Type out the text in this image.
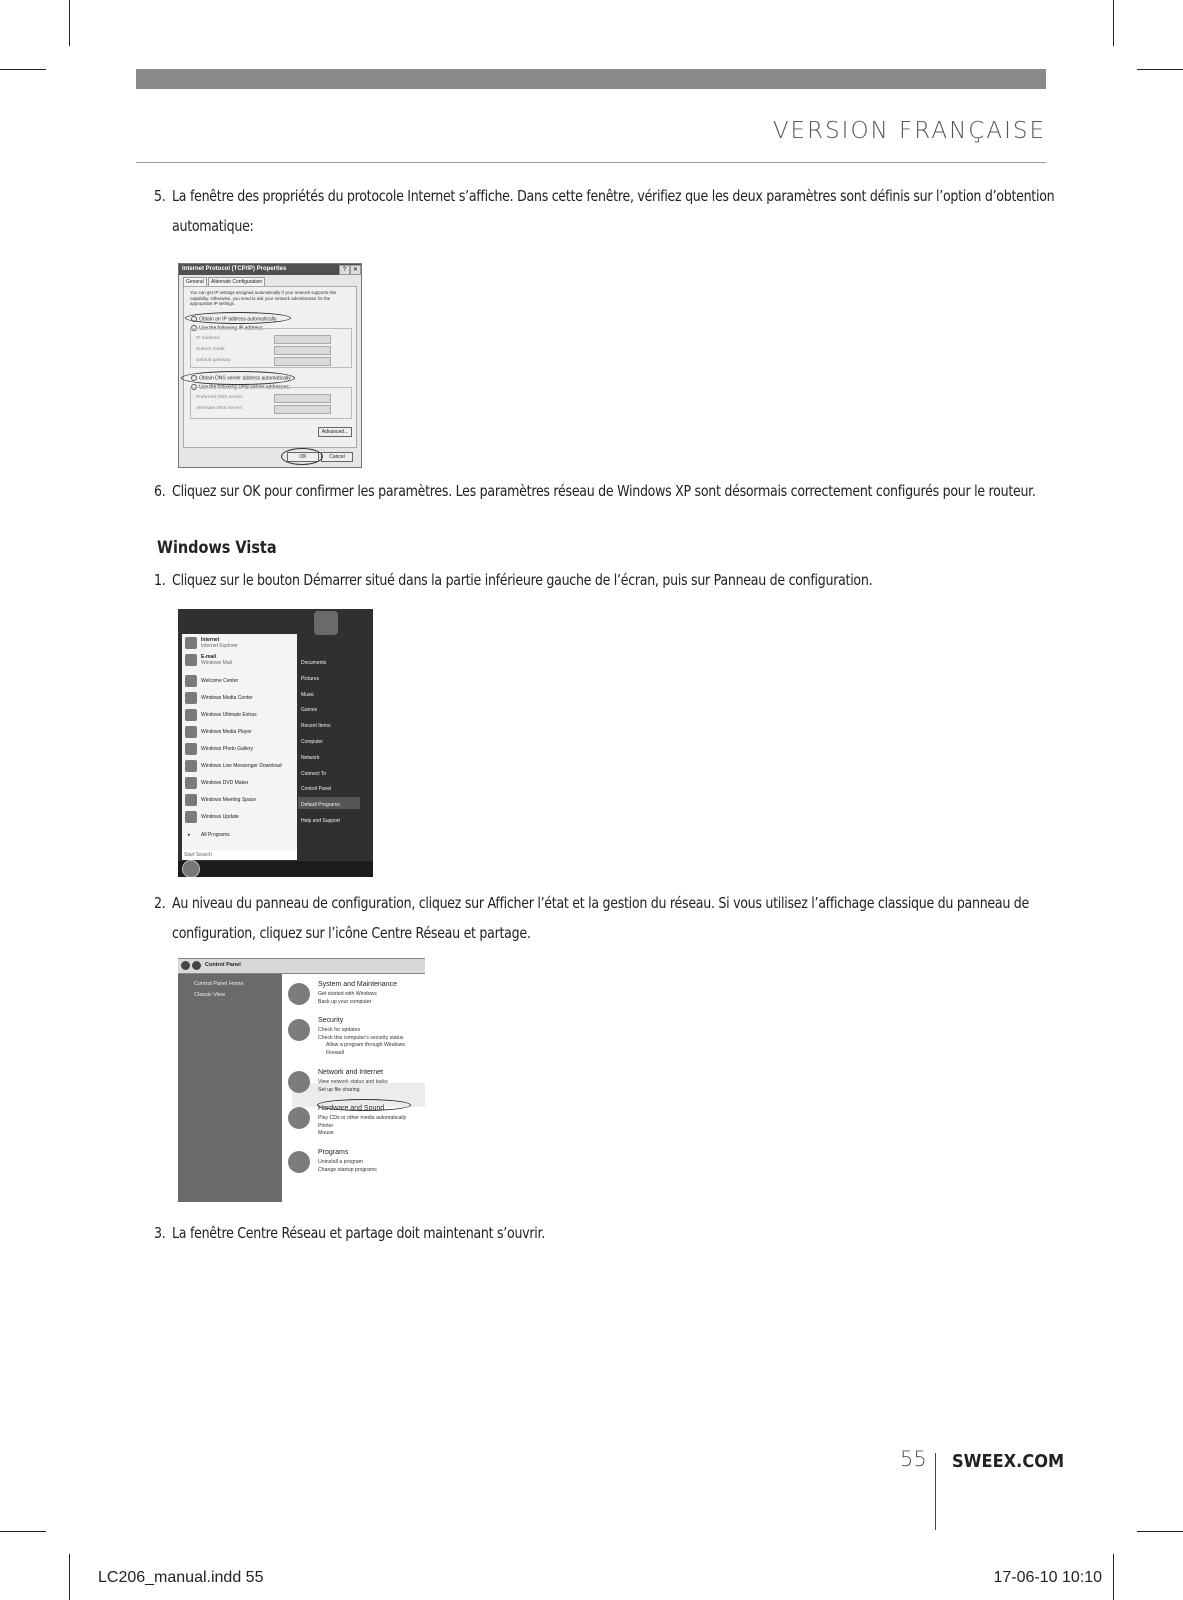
VERSION FRANÇAISE
5. La fenêtre des propriétés du protocole Internet s’affiche. Dans cette fenêtre, vérifiez que les deux paramètres sont définis sur l’option d’obtention
automatique:
Internet Protocol (TCP/IP) Properties	?	✕
General	Alternate Configuration
You can get IP settings assigned automatically if your network supports this capability. Otherwise, you need to ask your network administrator for the appropriate IP settings.
Obtain an IP address automatically
Use the following IP address:
IP address:
Subnet mask:
Default gateway:
Obtain DNS server address automatically
Use the following DNS server addresses:
Preferred DNS server:
Alternate DNS server:
Advanced...
OK	Cancel
6. Cliquez sur OK pour confirmer les paramètres. Les paramètres réseau de Windows XP sont désormais correctement configurés pour le routeur.
Windows Vista
1. Cliquez sur le bouton Démarrer situé dans la partie inférieure gauche de l’écran, puis sur Panneau de configuration.
Internet
Internet Explorer
E-mail
Windows Mail
Welcome Center
Windows Media Center
Windows Ultimate Extras
Windows Media Player
Windows Photo Gallery
Windows Live Messenger Download
Windows DVD Maker
Windows Meeting Space
Windows Update
▸ All Programs
Documents
Pictures
Music
Games
Recent Items
Computer
Network
Connect To
Control Panel
Default Programs
Help and Support
Start Search
2. Au niveau du panneau de configuration, cliquez sur Afficher l’état et la gestion du réseau. Si vous utilisez l’affichage classique du panneau de
configuration, cliquez sur l’icône Centre Réseau et partage.
Control Panel
Control Panel Home
Classic View
System and Maintenance
Get started with Windows
Back up your computer
Security
Check for updates
Check this computer's security status
Allow a program through Windows
Firewall
Network and Internet
View network status and tasks
Set up file sharing
Hardware and Sound
Play CDs or other media automatically
Printer
Mouse
Programs
Uninstall a program
Change startup programs
3. La fenêtre Centre Réseau et partage doit maintenant s’ouvrir.
55 SWEEX.COM
LC206_manual.indd 55	17-06-10 10:10
